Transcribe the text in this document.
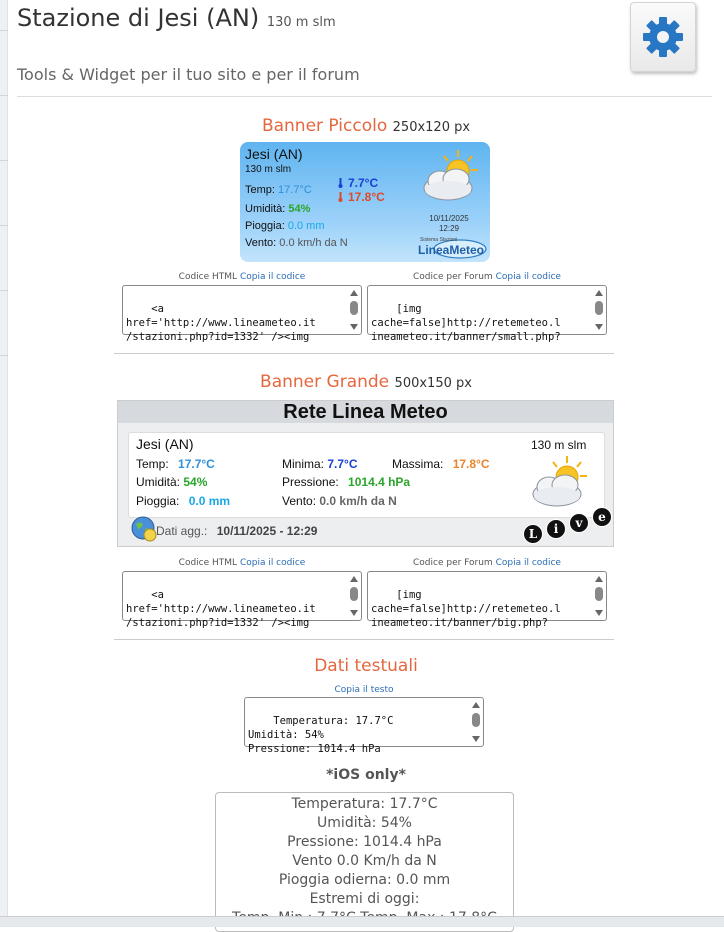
Stazione di Jesi (AN) 130 m slm
Tools & Widget per il tuo sito e per il forum
Banner Piccolo 250x120 px
Jesi (AN)
130 m slm
Temp: 17.7°C
Umidità: 54%
Pioggia: 0.0 mm
Vento: 0.0 km/h da N
7.7°C
17.8°C
10/11/2025
12:29
Sistema Stazioni
LineaMeteo
Codice HTML Copia il codice	Codice per Forum Copia il codice

<a
href='http://www.lineameteo.it
/stazioni.php?id=1332' /><img

[img
cache=false]http://retemeteo.l
ineameteo.it/banner/small.php?

Banner Grande 500x150 px
Rete Linea Meteo
Jesi (AN)	130 m slm
Temp: 17.7°C	Minima: 7.7°C	Massima: 17.8°C
Umidità: 54%	Pressione: 1014.4 hPa
Pioggia: 0.0 mm	Vento: 0.0 km/h da N
Dati agg.: 10/11/2025 - 12:29	L	i	v	e
Codice HTML Copia il codice	Codice per Forum Copia il codice

<a
href='http://www.lineameteo.it
/stazioni.php?id=1332' /><img

[img
cache=false]http://retemeteo.l
ineameteo.it/banner/big.php?

Dati testuali
Copia il testo

Temperatura: 17.7°C
Umidità: 54%
Pressione: 1014.4 hPa

*iOS only*
Temperatura: 17.7°C
Umidità: 54%
Pressione: 1014.4 hPa
Vento 0.0 Km/h da N
Pioggia odierna: 0.0 mm
Estremi di oggi:
